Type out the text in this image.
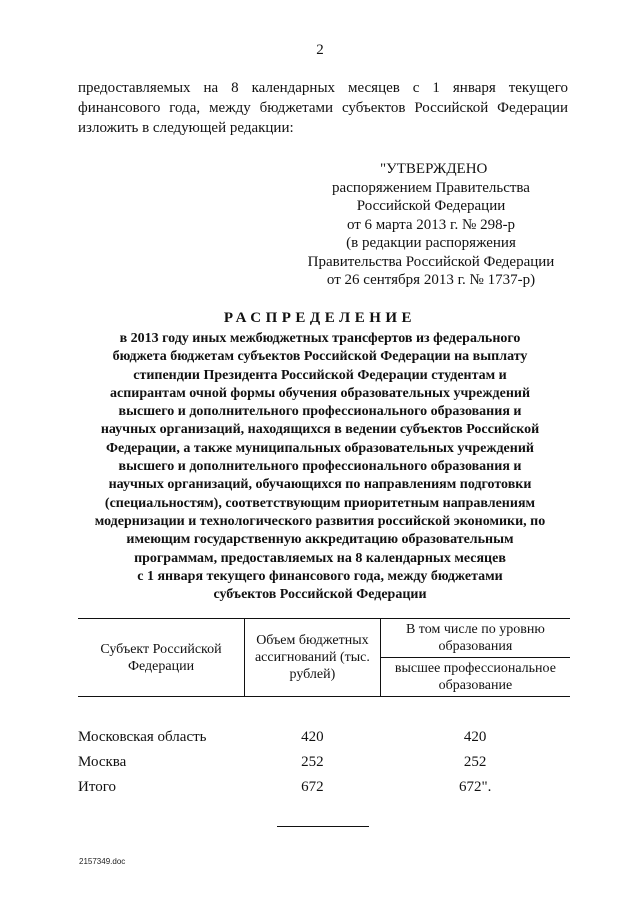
2
предоставляемых на 8 календарных месяцев с 1 января текущего
финансового года, между бюджетами субъектов Российской Федерации
изложить в следующей редакции:
"УТВЕРЖДЕНО
распоряжением Правительства
Российской Федерации
от 6 марта 2013 г. № 298-р
(в редакции распоряжения
Правительства Российской Федерации
от 26 сентября 2013 г. № 1737-р)
РАСПРЕДЕЛЕНИЕ
в 2013 году иных межбюджетных трансфертов из федерального
бюджета бюджетам субъектов Российской Федерации на выплату
стипендии Президента Российской Федерации студентам и
аспирантам очной формы обучения образовательных учреждений
высшего и дополнительного профессионального образования и
научных организаций, находящихся в ведении субъектов Российской
Федерации, а также муниципальных образовательных учреждений
высшего и дополнительного профессионального образования и
научных организаций, обучающихся по направлениям подготовки
(специальностям), соответствующим приоритетным направлениям
модернизации и технологического развития российской экономики, по
имеющим государственную аккредитацию образовательным
программам, предоставляемых на 8 календарных месяцев
с 1 января текущего финансового года, между бюджетами
субъектов Российской Федерации
Субъект Российской Федерации	Объем бюджетных ассигнований (тыс. рублей)	В том числе по уровню образования
		высшее профессиональное образование
Московская область	420	420
Москва	252	252
Итого	672	672".
2157349.doc
